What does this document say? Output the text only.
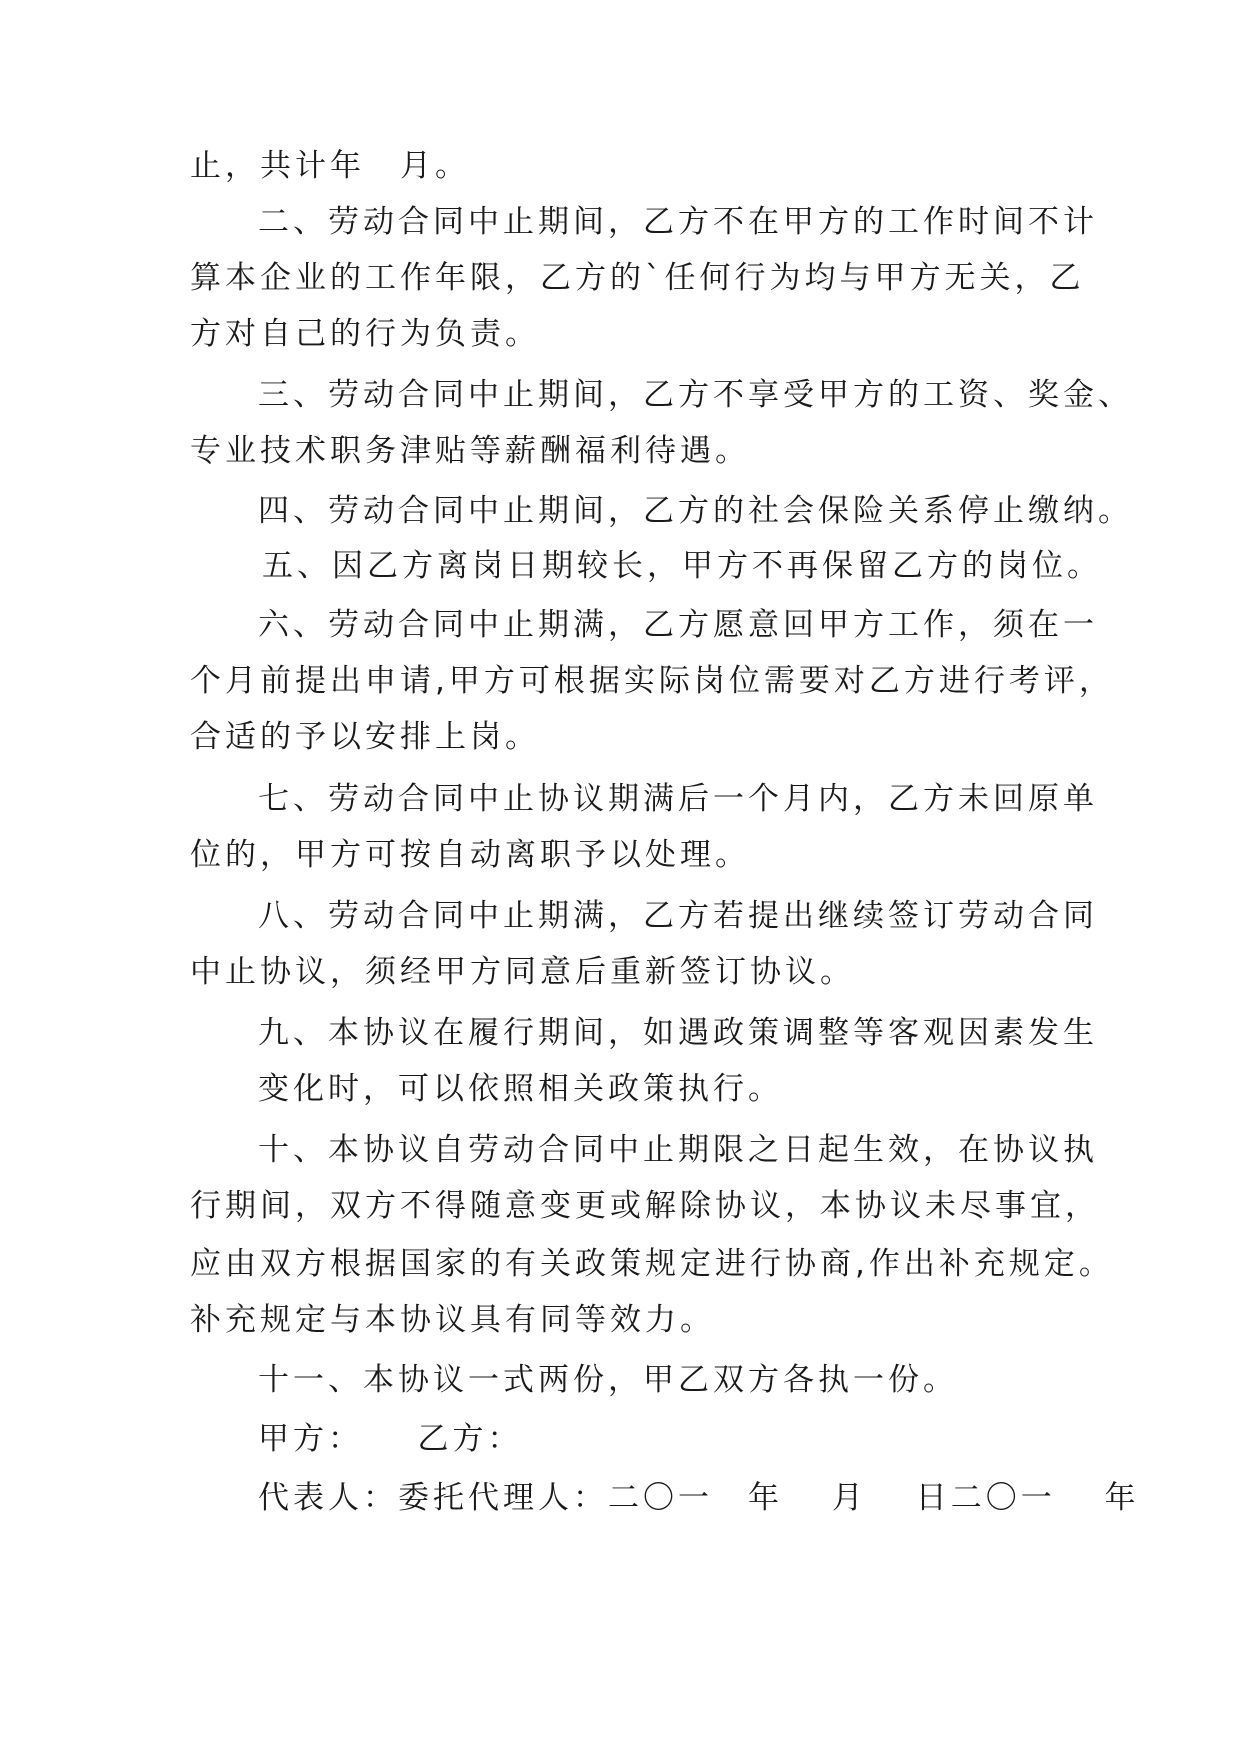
止，共计年　月。
二、劳动合同中止期间，乙方不在甲方的工作时间不计
算本企业的工作年限，乙方的`任何行为均与甲方无关，乙
方对自己的行为负责。
三、劳动合同中止期间，乙方不享受甲方的工资、奖金、
专业技术职务津贴等薪酬福利待遇。
四、劳动合同中止期间，乙方的社会保险关系停止缴纳。
五、因乙方离岗日期较长，甲方不再保留乙方的岗位。
六、劳动合同中止期满，乙方愿意回甲方工作，须在一
个月前提出申请,甲方可根据实际岗位需要对乙方进行考评，
合适的予以安排上岗。
七、劳动合同中止协议期满后一个月内，乙方未回原单
位的，甲方可按自动离职予以处理。
八、劳动合同中止期满，乙方若提出继续签订劳动合同
中止协议，须经甲方同意后重新签订协议。
九、本协议在履行期间，如遇政策调整等客观因素发生
变化时，可以依照相关政策执行。
十、本协议自劳动合同中止期限之日起生效，在协议执
行期间，双方不得随意变更或解除协议，本协议未尽事宜，
应由双方根据国家的有关政策规定进行协商,作出补充规定。
补充规定与本协议具有同等效力。
十一、本协议一式两份，甲乙双方各执一份。
甲方：　　乙方：
代表人：委托代理人：二〇一　年　 月　 日二〇一　 年
